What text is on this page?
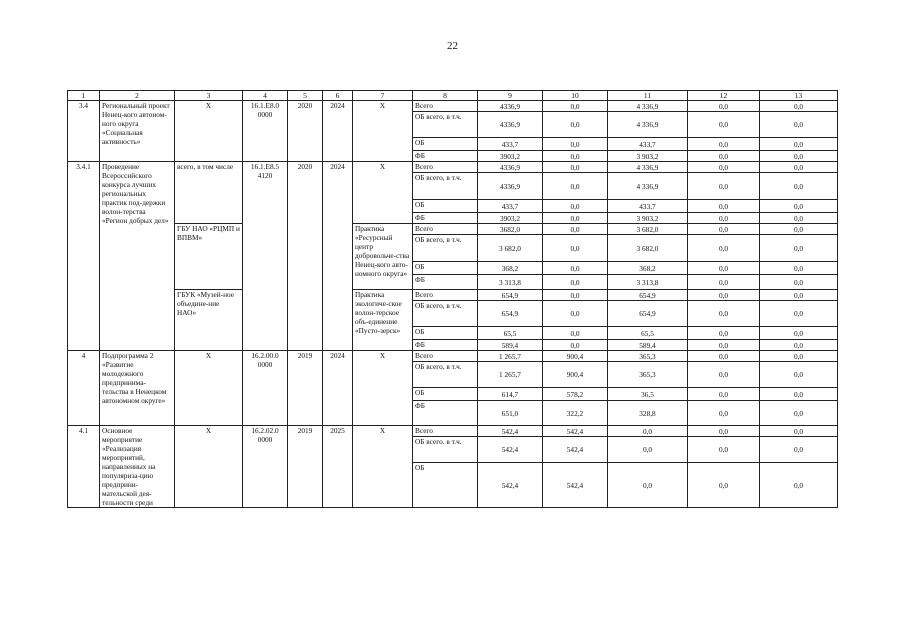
22
1	2	3	4	5	6	7	8	9	10	11	12	13
3.4	Региональный проект Ненец-кого автоном-ного округа «Социальная активность»	X	16.1.E8.0 0000	2020	2024	X	Всего	4336,9	0,0	4 336,9	0,0	0,0
							ОБ всего, в т.ч.	4336,9	0,0	4 336,9	0,0	0,0
							ОБ	433,7	0,0	433,7	0,0	0,0
							ФБ	3903,2	0,0	3 903,2	0,0	0,0
3.4.1	Проведение Всероссийского конкурса лучших региональных практик под-держки волон-терства «Регион добрых дел»	всего, в том числе	16.1.E8.5 4120	2020	2024	X	Всего	4336,9	0,0	4 336,9	0,0	0,0
							ОБ всего, в т.ч.	4336,9	0,0	4 336,9	0,0	0,0
							ОБ	433,7	0,0	433,7	0,0	0,0
							ФБ	3903,2	0,0	3 903,2	0,0	0,0
		ГБУ НАО «РЦМП и ВПВМ»				Практика «Ресурсный центр добровольче-ства Ненец-кого авто-номного округа»	Всего	3682,0	0,0	3 682,0	0,0	0,0
							ОБ всего, в т.ч.	3 682,0	0,0	3 682,0	0,0	0,0
							ОБ	368,2	0,0	368,2	0,0	0,0
							ФБ	3 313,8	0,0	3 313,8	0,0	0,0
		ГБУК «Музей-ное объедине-ние НАО»				Практика экологиче-ское волон-терское объ-единение «Пусто-зерск»	Всего	654,9	0,0	654,9	0,0	0,0
							ОБ всего, в т.ч.	654,9	0,0	654,9	0,0	0,0
							ОБ	65,5	0,0	65,5	0,0	0,0
							ФБ	589,4	0,0	589,4	0,0	0,0
4	Подпрограмма 2 «Развитие молодежного предпринима-тельства в Ненецком автономном округе»	X	16.2.00.0 0000	2019	2024	X	Всего	1 265,7	900,4	365,3	0,0	0,0
							ОБ всего, в т.ч.	1 265,7	900,4	365,3	0,0	0,0
							ОБ	614,7	578,2	36,5	0,0	0,0
							ФБ	651,0	322,2	328,8	0,0	0,0
4.1	Основное мероприятие «Реализация мероприятий, направленных на популяриза-цию предприни-мательской дея-тельности среди	X	16.2.02.0 0000	2019	2025	X	Всего	542,4	542,4	0,0	0,0	0,0
							ОБ всего. в т.ч.	542,4	542,4	0,0	0,0	0,0
							ОБ	542,4	542,4	0,0	0,0	0,0
